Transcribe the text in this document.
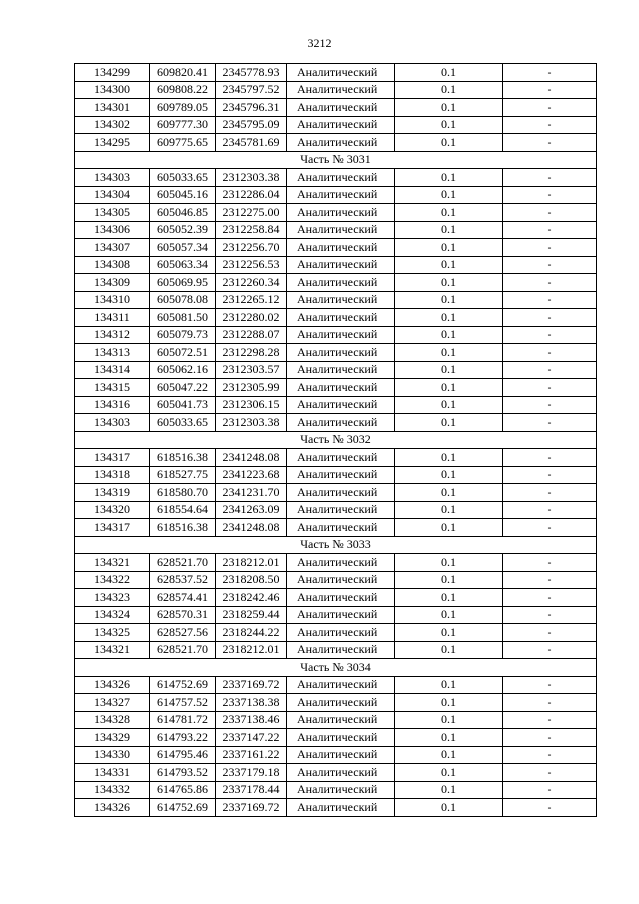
3212
134299	609820.41	2345778.93	Аналитический	0.1	-
134300	609808.22	2345797.52	Аналитический	0.1	-
134301	609789.05	2345796.31	Аналитический	0.1	-
134302	609777.30	2345795.09	Аналитический	0.1	-
134295	609775.65	2345781.69	Аналитический	0.1	-
Часть № 3031					
134303	605033.65	2312303.38	Аналитический	0.1	-
134304	605045.16	2312286.04	Аналитический	0.1	-
134305	605046.85	2312275.00	Аналитический	0.1	-
134306	605052.39	2312258.84	Аналитический	0.1	-
134307	605057.34	2312256.70	Аналитический	0.1	-
134308	605063.34	2312256.53	Аналитический	0.1	-
134309	605069.95	2312260.34	Аналитический	0.1	-
134310	605078.08	2312265.12	Аналитический	0.1	-
134311	605081.50	2312280.02	Аналитический	0.1	-
134312	605079.73	2312288.07	Аналитический	0.1	-
134313	605072.51	2312298.28	Аналитический	0.1	-
134314	605062.16	2312303.57	Аналитический	0.1	-
134315	605047.22	2312305.99	Аналитический	0.1	-
134316	605041.73	2312306.15	Аналитический	0.1	-
134303	605033.65	2312303.38	Аналитический	0.1	-
Часть № 3032					
134317	618516.38	2341248.08	Аналитический	0.1	-
134318	618527.75	2341223.68	Аналитический	0.1	-
134319	618580.70	2341231.70	Аналитический	0.1	-
134320	618554.64	2341263.09	Аналитический	0.1	-
134317	618516.38	2341248.08	Аналитический	0.1	-
Часть № 3033					
134321	628521.70	2318212.01	Аналитический	0.1	-
134322	628537.52	2318208.50	Аналитический	0.1	-
134323	628574.41	2318242.46	Аналитический	0.1	-
134324	628570.31	2318259.44	Аналитический	0.1	-
134325	628527.56	2318244.22	Аналитический	0.1	-
134321	628521.70	2318212.01	Аналитический	0.1	-
Часть № 3034					
134326	614752.69	2337169.72	Аналитический	0.1	-
134327	614757.52	2337138.38	Аналитический	0.1	-
134328	614781.72	2337138.46	Аналитический	0.1	-
134329	614793.22	2337147.22	Аналитический	0.1	-
134330	614795.46	2337161.22	Аналитический	0.1	-
134331	614793.52	2337179.18	Аналитический	0.1	-
134332	614765.86	2337178.44	Аналитический	0.1	-
134326	614752.69	2337169.72	Аналитический	0.1	-
